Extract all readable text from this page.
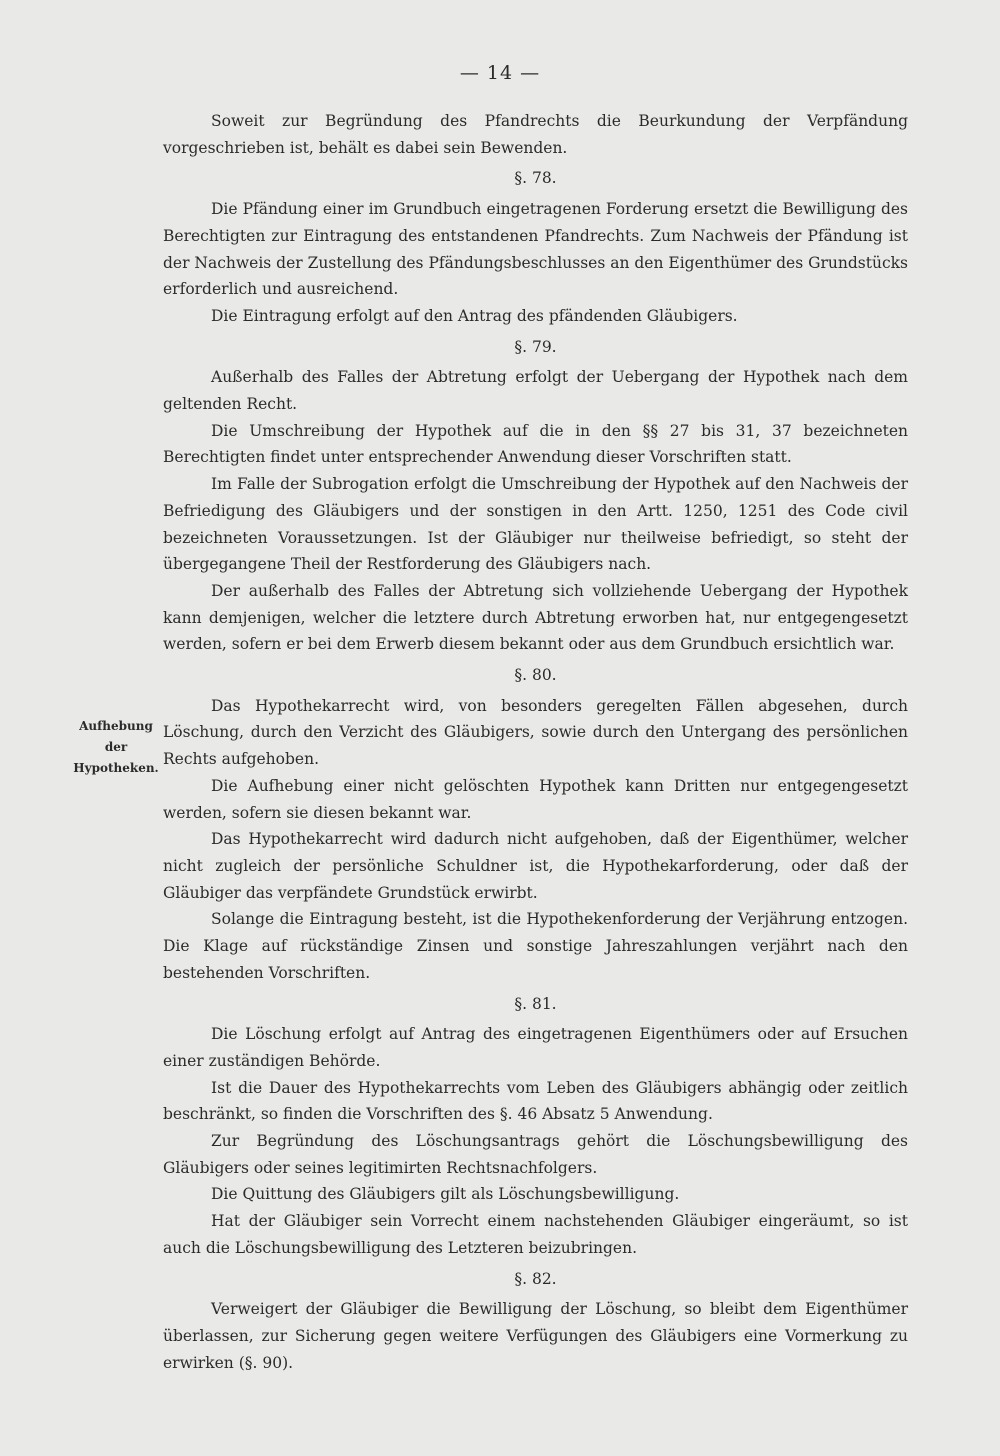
— 14 —
Aufhebung
der
Hypotheken.

Soweit zur Begründung des Pfandrechts die Beurkundung der Verpfändung vorgeschrieben ist, behält es dabei sein Bewenden.

§. 78.

Die Pfändung einer im Grundbuch eingetragenen Forderung ersetzt die Bewilligung des Berechtigten zur Eintragung des entstandenen Pfandrechts. Zum Nachweis der Pfändung ist der Nachweis der Zustellung des Pfändungsbeschlusses an den Eigenthümer des Grundstücks erforderlich und ausreichend.

Die Eintragung erfolgt auf den Antrag des pfändenden Gläubigers.

§. 79.

Außerhalb des Falles der Abtretung erfolgt der Uebergang der Hypothek nach dem geltenden Recht.

Die Umschreibung der Hypothek auf die in den §§ 27 bis 31, 37 bezeichneten Berechtigten findet unter entsprechender Anwendung dieser Vorschriften statt.

Im Falle der Subrogation erfolgt die Umschreibung der Hypothek auf den Nachweis der Befriedigung des Gläubigers und der sonstigen in den Artt. 1250, 1251 des Code civil bezeichneten Voraussetzungen. Ist der Gläubiger nur theilweise befriedigt, so steht der übergegangene Theil der Restforderung des Gläubigers nach.

Der außerhalb des Falles der Abtretung sich vollziehende Uebergang der Hypothek kann demjenigen, welcher die letztere durch Abtretung erworben hat, nur entgegengesetzt werden, sofern er bei dem Erwerb diesem bekannt oder aus dem Grundbuch ersichtlich war.

§. 80.

Das Hypothekarrecht wird, von besonders geregelten Fällen abgesehen, durch Löschung, durch den Verzicht des Gläubigers, sowie durch den Untergang des persönlichen Rechts aufgehoben.

Die Aufhebung einer nicht gelöschten Hypothek kann Dritten nur entgegengesetzt werden, sofern sie diesen bekannt war.

Das Hypothekarrecht wird dadurch nicht aufgehoben, daß der Eigenthümer, welcher nicht zugleich der persönliche Schuldner ist, die Hypothekarforderung, oder daß der Gläubiger das verpfändete Grundstück erwirbt.

Solange die Eintragung besteht, ist die Hypothekenforderung der Verjährung entzogen. Die Klage auf rückständige Zinsen und sonstige Jahreszahlungen verjährt nach den bestehenden Vorschriften.

§. 81.

Die Löschung erfolgt auf Antrag des eingetragenen Eigenthümers oder auf Ersuchen einer zuständigen Behörde.

Ist die Dauer des Hypothekarrechts vom Leben des Gläubigers abhängig oder zeitlich beschränkt, so finden die Vorschriften des §. 46 Absatz 5 Anwendung.

Zur Begründung des Löschungsantrags gehört die Löschungsbewilligung des Gläubigers oder seines legitimirten Rechtsnachfolgers.

Die Quittung des Gläubigers gilt als Löschungsbewilligung.

Hat der Gläubiger sein Vorrecht einem nachstehenden Gläubiger eingeräumt, so ist auch die Löschungsbewilligung des Letzteren beizubringen.

§. 82.

Verweigert der Gläubiger die Bewilligung der Löschung, so bleibt dem Eigenthümer überlassen, zur Sicherung gegen weitere Verfügungen des Gläubigers eine Vormerkung zu erwirken (§. 90).
